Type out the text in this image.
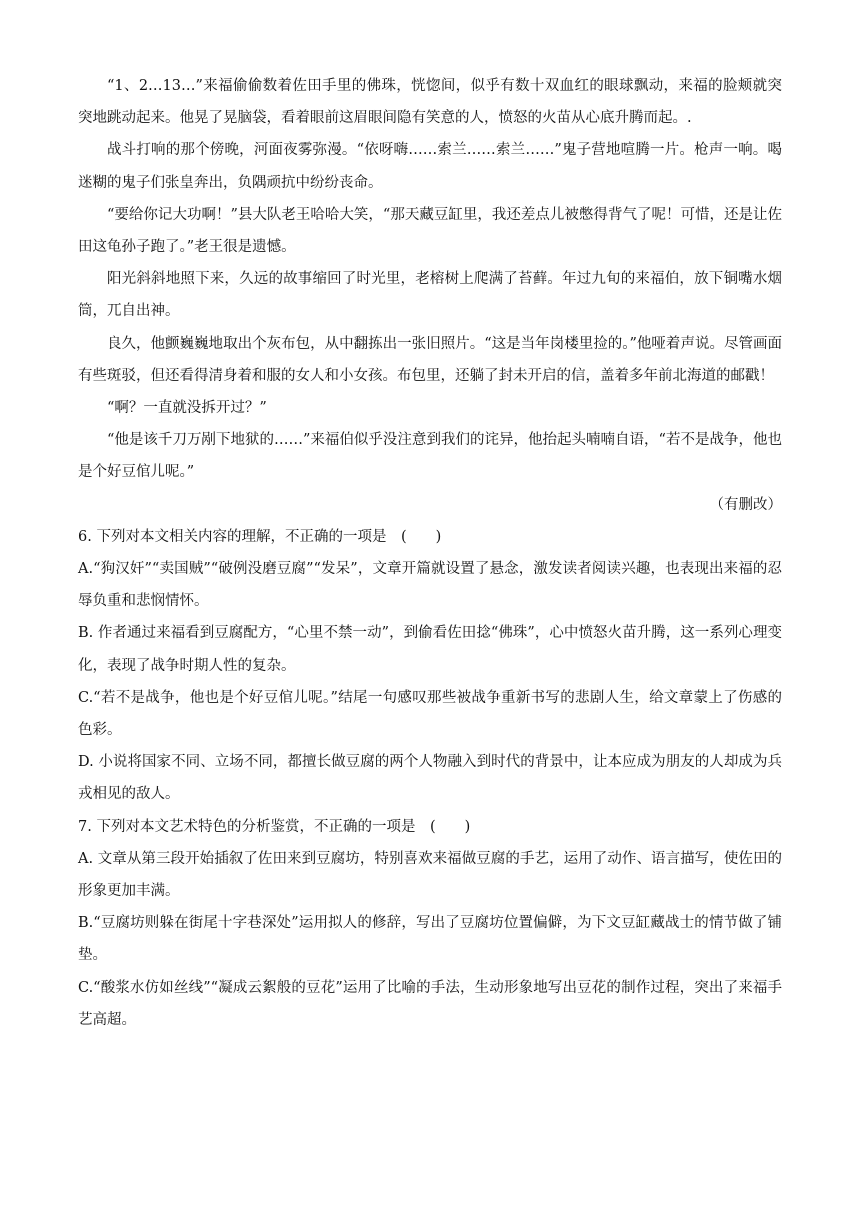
“1、2…13…”来福偷偷数着佐田手里的佛珠，恍惚间，似乎有数十双血红的眼球飘动，来福的脸颊就突突地跳动起来。他晃了晃脑袋，看着眼前这眉眼间隐有笑意的人，愤怒的火苗从心底升腾而起。.

战斗打响的那个傍晚，河面夜雾弥漫。“依呀嗨……索兰……索兰……”鬼子营地喧腾一片。枪声一响。喝迷糊的鬼子们张皇奔出，负隅顽抗中纷纷丧命。

“要给你记大功啊！”县大队老王哈哈大笑，“那天藏豆缸里，我还差点儿被憋得背气了呢！可惜，还是让佐田这龟孙子跑了。”老王很是遗憾。

阳光斜斜地照下来，久远的故事缩回了时光里，老榕树上爬满了苔藓。年过九旬的来福伯，放下铜嘴水烟筒，兀自出神。

良久，他颤巍巍地取出个灰布包，从中翻拣出一张旧照片。“这是当年岗楼里捡的。”他哑着声说。尽管画面有些斑驳，但还看得清身着和服的女人和小女孩。布包里，还躺了封未开启的信，盖着多年前北海道的邮戳！

“啊？一直就没拆开过？”

“他是该千刀万剐下地狱的……”来福伯似乎没注意到我们的诧异，他抬起头喃喃自语，“若不是战争，他也是个好豆倌儿呢。”

（有删改）

6. 下列对本文相关内容的理解，不正确的一项是　(　　)

A.“狗汉奸”“卖国贼”“破例没磨豆腐”“发呆”，文章开篇就设置了悬念，激发读者阅读兴趣，也表现出来福的忍辱负重和悲悯情怀。

B. 作者通过来福看到豆腐配方，“心里不禁一动”，到偷看佐田捻“佛珠”，心中愤怒火苗升腾，这一系列心理变化，表现了战争时期人性的复杂。

C.“若不是战争，他也是个好豆倌儿呢。”结尾一句感叹那些被战争重新书写的悲剧人生，给文章蒙上了伤感的色彩。

D. 小说将国家不同、立场不同，都擅长做豆腐的两个人物融入到时代的背景中，让本应成为朋友的人却成为兵戎相见的敌人。

7. 下列对本文艺术特色的分析鉴赏，不正确的一项是　(　　)

A. 文章从第三段开始插叙了佐田来到豆腐坊，特别喜欢来福做豆腐的手艺，运用了动作、语言描写，使佐田的形象更加丰满。

B.“豆腐坊则躲在街尾十字巷深处”运用拟人的修辞，写出了豆腐坊位置偏僻，为下文豆缸藏战士的情节做了铺垫。

C.“酸浆水仿如丝线”“凝成云絮般的豆花”运用了比喻的手法，生动形象地写出豆花的制作过程，突出了来福手艺高超。
